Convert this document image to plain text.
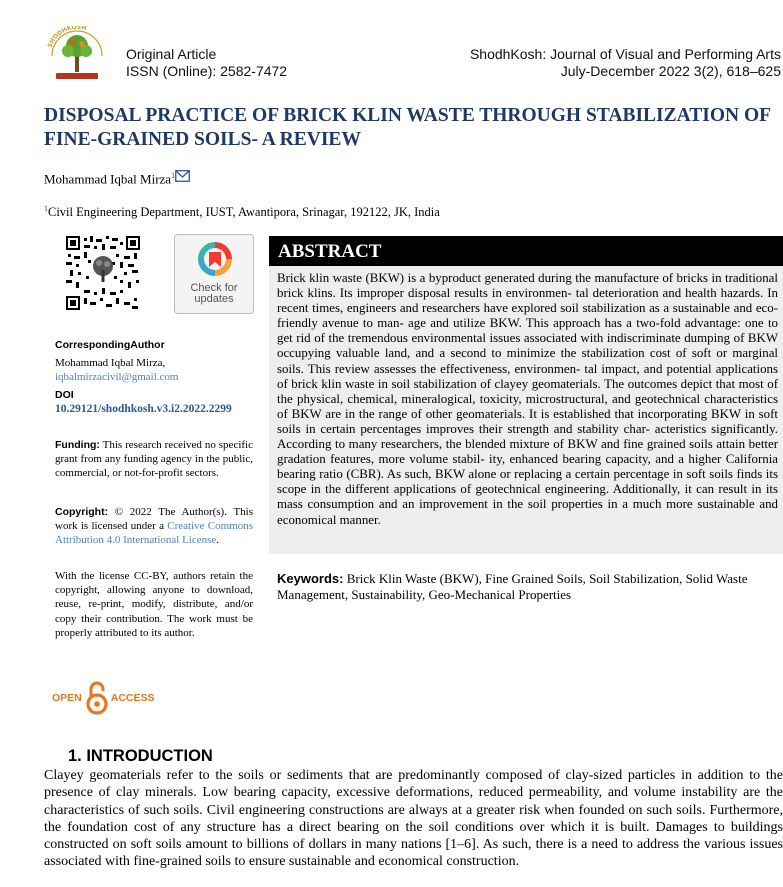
SHODHKOSH
Original Article
ISSN (Online): 2582-7472
ShodhKosh: Journal of Visual and Performing Arts
July-December 2022 3(2), 618–625
DISPOSAL PRACTICE OF BRICK KLIN WASTE THROUGH STABILIZATION OF FINE-GRAINED SOILS- A REVIEW
Mohammad Iqbal Mirza$^1$
$^1$Civil Engineering Department, IUST, Awantipora, Srinagar, 192122, JK, India
Check for
updates
CorrespondingAuthor
Mohammad Iqbal Mirza,
iqbalmirzacivil@gmail.com
DOI
10.29121/shodhkosh.v3.i2.2022.2299
Funding: This research received no specific grant from any funding agency in the public, commercial, or not-for-profit sectors.
Copyright: © 2022 The Author(s). This work is licensed under a Creative Commons Attribution 4.0 International License.
With the license CC-BY, authors retain the copyright, allowing anyone to download, reuse, re-print, modify, distribute, and/or copy their contribution. The work must be properly attributed to its author.
OPEN	ACCESS
ABSTRACT
Brick klin waste (BKW) is a byproduct generated during the manufacture of bricks in traditional brick klins. Its improper disposal results in environmen- tal deterioration and health hazards. In recent times, engineers and researchers have explored soil stabilization as a sustainable and eco-friendly avenue to man- age and utilize BKW. This approach has a two-fold advantage: one to get rid of the tremendous environmental issues associated with indiscriminate dumping of BKW occupying valuable land, and a second to minimize the stabilization cost of soft or marginal soils. This review assesses the effectiveness, environmen- tal impact, and potential applications of brick klin waste in soil stabilization of clayey geomaterials. The outcomes depict that most of the physical, chemical, mineralogical, toxicity, microstructural, and geotechnical characteristics of BKW are in the range of other geomaterials. It is established that incorporating BKW in soft soils in certain percentages improves their strength and stability char- acteristics significantly. According to many researchers, the blended mixture of BKW and fine grained soils attain better gradation features, more volume stabil- ity, enhanced bearing capacity, and a higher California bearing ratio (CBR). As such, BKW alone or replacing a certain percentage in soft soils finds its scope in the different applications of geotechnical engineering. Additionally, it can result in its mass consumption and an improvement in the soil properties in a much more sustainable and economical manner.
Keywords: Brick Klin Waste (BKW), Fine Grained Soils, Soil Stabilization, Solid Waste Management, Sustainability, Geo-Mechanical Properties
1. INTRODUCTION
Clayey geomaterials refer to the soils or sediments that are predominantly composed of clay-sized particles in addition to the presence of clay minerals. Low bearing capacity, excessive deformations, reduced permeability, and volume instability are the characteristics of such soils. Civil engineering constructions are always at a greater risk when founded on such soils. Furthermore, the foundation cost of any structure has a direct bearing on the soil conditions over which it is built. Damages to buildings constructed on soft soils amount to billions of dollars in many nations [1–6]. As such, there is a need to address the various issues associated with fine-grained soils to ensure sustainable and economical construction.
